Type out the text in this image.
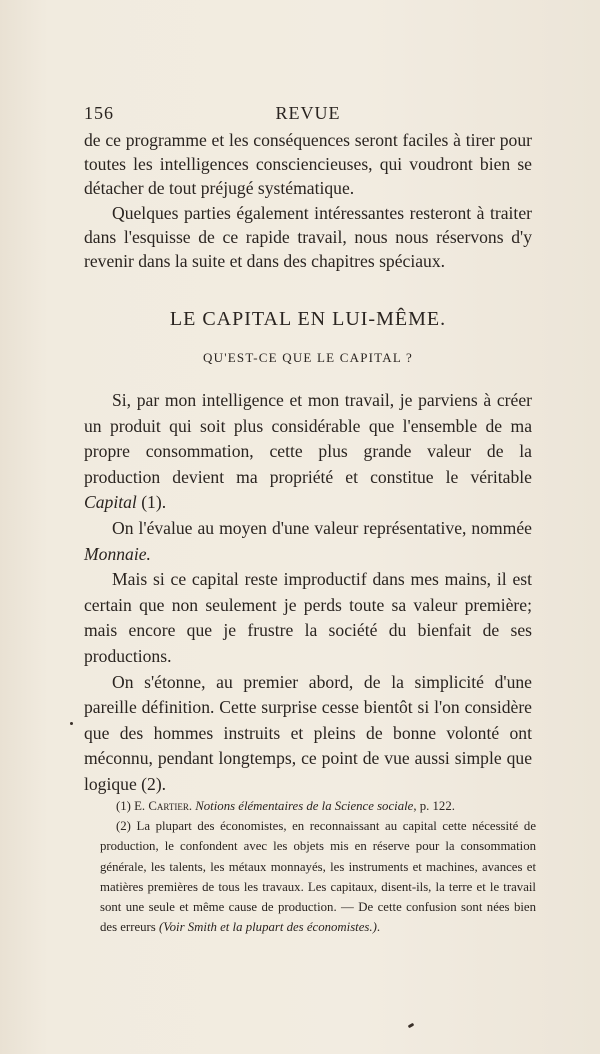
156	REVUE

de ce programme et les conséquences seront faciles à tirer pour toutes les intelligences consciencieuses, qui voudront bien se détacher de tout préjugé systématique.

Quelques parties également intéressantes resteront à traiter dans l'esquisse de ce rapide travail, nous nous réservons d'y revenir dans la suite et dans des chapitres spéciaux.

LE CAPITAL EN LUI-MÊME.
QU'EST-CE QUE LE CAPITAL ?

Si, par mon intelligence et mon travail, je parviens à créer un produit qui soit plus considérable que l'ensemble de ma propre consommation, cette plus grande valeur de la production devient ma propriété et constitue le véritable Capital (1).

On l'évalue au moyen d'une valeur représentative, nommée Monnaie.

Mais si ce capital reste improductif dans mes mains, il est certain que non seulement je perds toute sa valeur première; mais encore que je frustre la société du bienfait de ses productions.

On s'étonne, au premier abord, de la simplicité d'une pareille définition. Cette surprise cesse bientôt si l'on considère que des hommes instruits et pleins de bonne volonté ont méconnu, pendant longtemps, ce point de vue aussi simple que logique (2).

(1) E. Cartier. Notions élémentaires de la Science sociale, p. 122.

(2) La plupart des économistes, en reconnaissant au capital cette nécessité de production, le confondent avec les objets mis en réserve pour la consommation générale, les talents, les métaux monnayés, les instruments et machines, avances et matières premières de tous les travaux. Les capitaux, disent-ils, la terre et le travail sont une seule et même cause de production. — De cette confusion sont nées bien des erreurs (Voir Smith et la plupart des économistes.).
